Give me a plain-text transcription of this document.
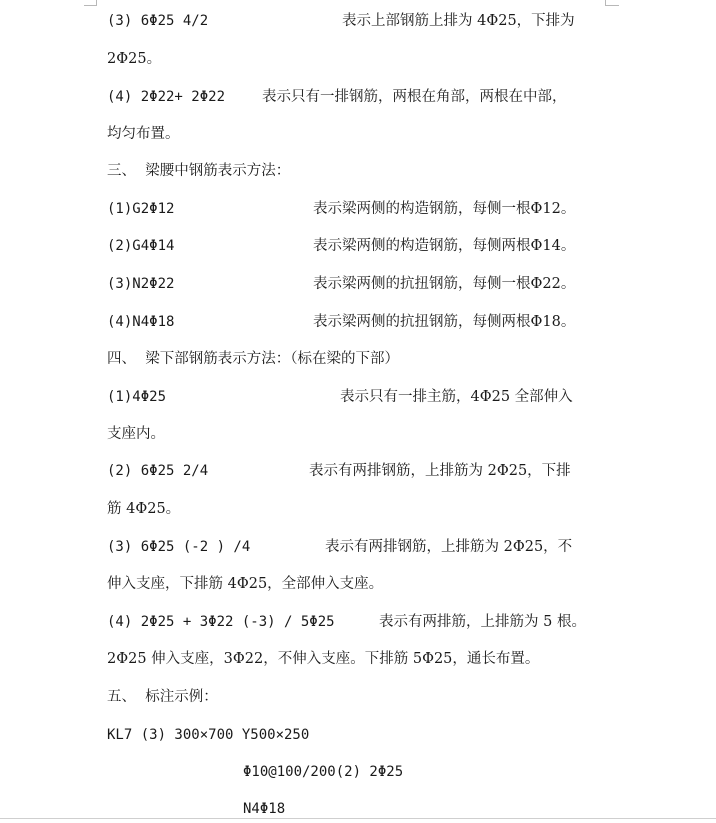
(3) 6Φ25 4/2	表示上部钢筋上排为 4Φ25，下排为
2Φ25。
(4) 2Φ22+ 2Φ22	表示只有一排钢筋，两根在角部，两根在中部，
均匀布置。
三、  梁腰中钢筋表示方法：
(1)G2Φ12	表示梁两侧的构造钢筋，每侧一根Φ12。
(2)G4Φ14	表示梁两侧的构造钢筋，每侧两根Φ14。
(3)N2Φ22	表示梁两侧的抗扭钢筋，每侧一根Φ22。
(4)N4Φ18	表示梁两侧的抗扭钢筋，每侧两根Φ18。
四、  梁下部钢筋表示方法：（标在梁的下部）
(1)4Φ25	表示只有一排主筋，4Φ25 全部伸入
支座内。
(2) 6Φ25 2/4	表示有两排钢筋，上排筋为 2Φ25，下排
筋 4Φ25。
(3) 6Φ25 (-2 ) /4	表示有两排钢筋，上排筋为 2Φ25，不
伸入支座，下排筋 4Φ25，全部伸入支座。
(4) 2Φ25 + 3Φ22 (-3) / 5Φ25	表示有两排筋，上排筋为 5 根。
2Φ25 伸入支座，3Φ22，不伸入支座。下排筋 5Φ25，通长布置。
五、  标注示例：
KL7 (3) 300×700 Y500×250
Φ10@100/200(2) 2Φ25
N4Φ18
